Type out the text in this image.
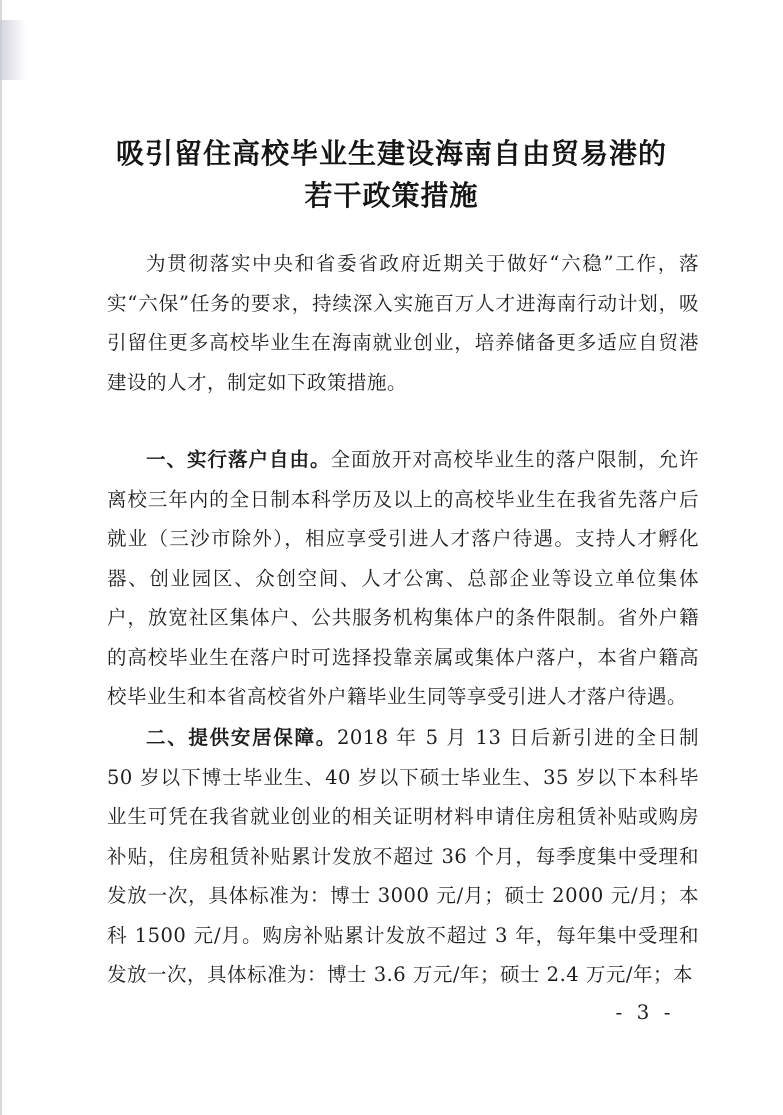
吸引留住高校毕业生建设海南自由贸易港的
若干政策措施

为贯彻落实中央和省委省政府近期关于做好“六稳”工作，落实“六保”任务的要求，持续深入实施百万人才进海南行动计划，吸引留住更多高校毕业生在海南就业创业，培养储备更多适应自贸港建设的人才，制定如下政策措施。

一、实行落户自由。全面放开对高校毕业生的落户限制，允许离校三年内的全日制本科学历及以上的高校毕业生在我省先落户后就业（三沙市除外），相应享受引进人才落户待遇。支持人才孵化器、创业园区、众创空间、人才公寓、总部企业等设立单位集体户，放宽社区集体户、公共服务机构集体户的条件限制。省外户籍的高校毕业生在落户时可选择投靠亲属或集体户落户，本省户籍高校毕业生和本省高校省外户籍毕业生同等享受引进人才落户待遇。

二、提供安居保障。2018 年 5 月 13 日后新引进的全日制 50 岁以下博士毕业生、40 岁以下硕士毕业生、35 岁以下本科毕业生可凭在我省就业创业的相关证明材料申请住房租赁补贴或购房补贴，住房租赁补贴累计发放不超过 36 个月，每季度集中受理和发放一次，具体标准为：博士 3000 元/月；硕士 2000 元/月；本科 1500 元/月。购房补贴累计发放不超过 3 年，每年集中受理和发放一次，具体标准为：博士 3.6 万元/年；硕士 2.4 万元/年；本

- 3 -
